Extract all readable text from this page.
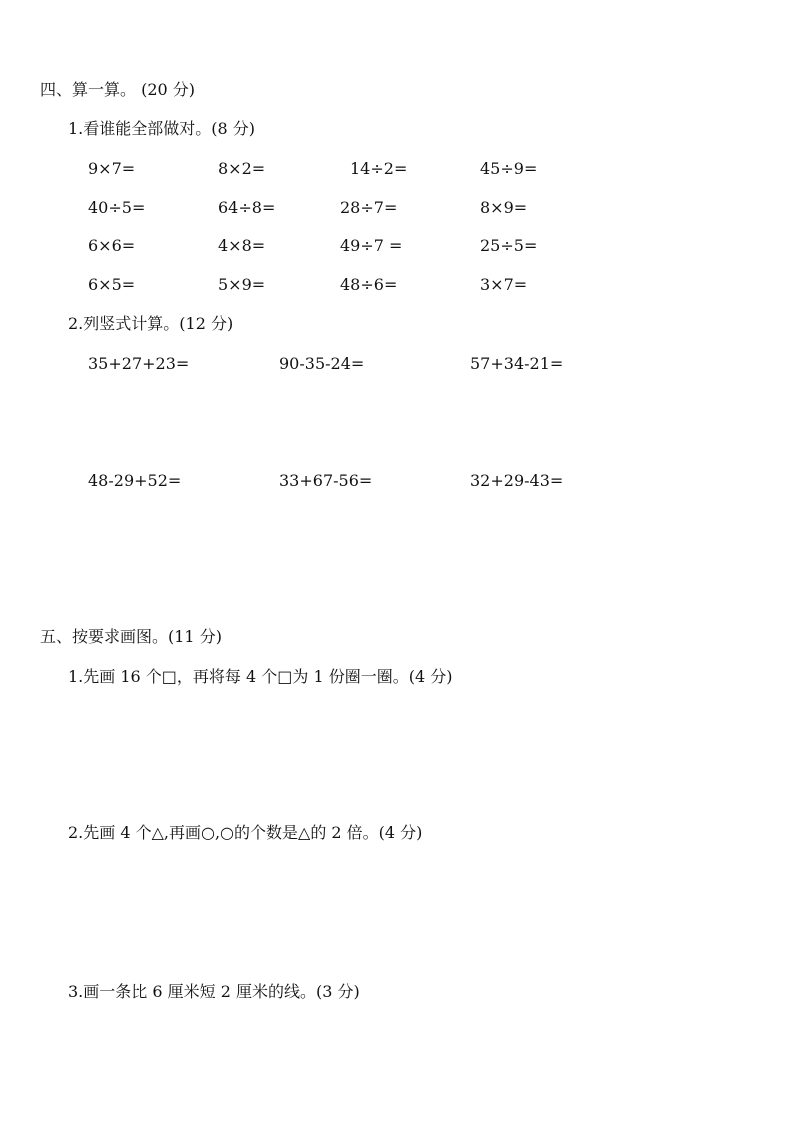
四、算一算。 (20 分)
1.看谁能全部做对。(8 分)
9×7=	8×2=	14÷2=	45÷9=
40÷5=	64÷8=	28÷7=	8×9=
6×6=	4×8=	49÷7 =	25÷5=
6×5=	5×9=	48÷6=	3×7=
2.列竖式计算。(12 分)
35+27+23=	90-35-24=	57+34-21=
48-29+52=	33+67-56=	32+29-43=
五、按要求画图。(11 分)
1.先画 16 个□，再将每 4 个□为 1 份圈一圈。(4 分)
2.先画 4 个△,再画○,○的个数是△的 2 倍。(4 分)
3.画一条比 6 厘米短 2 厘米的线。(3 分)
